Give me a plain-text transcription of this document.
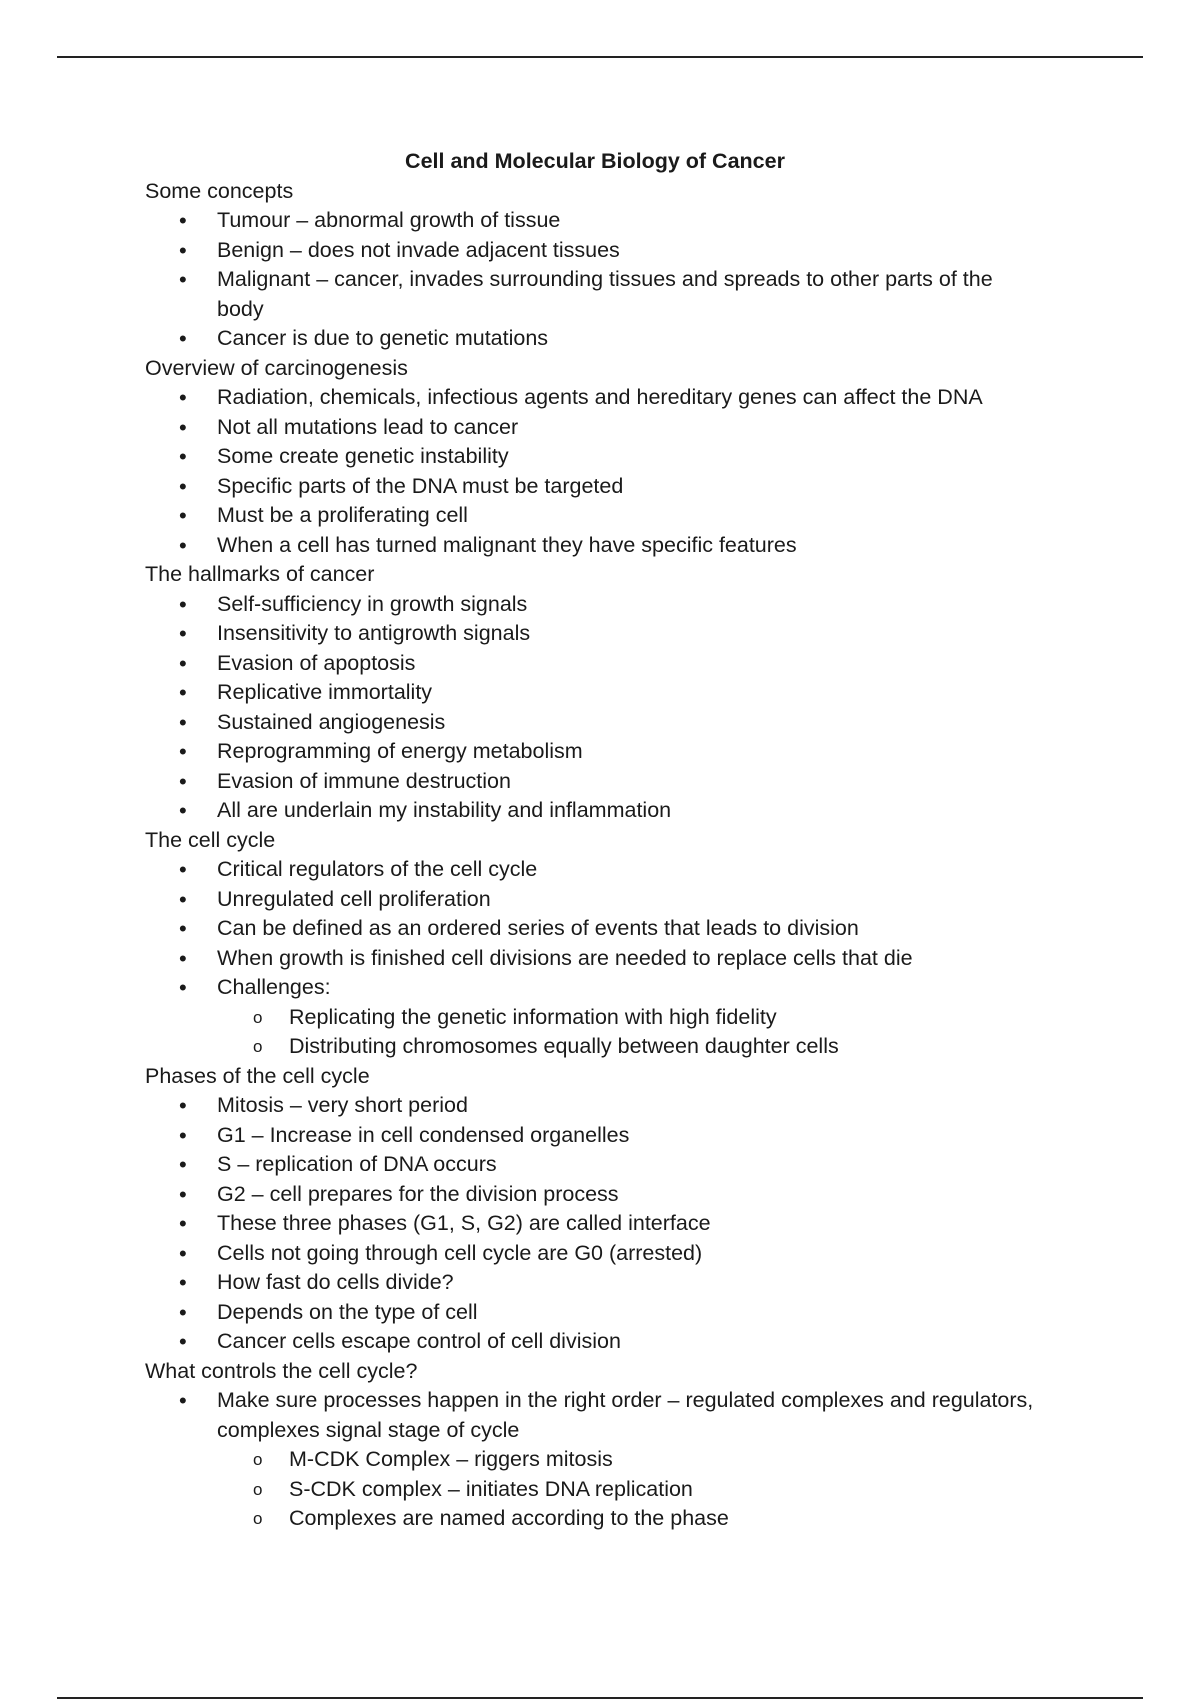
Cell and Molecular Biology of Cancer
Some concepts
• Tumour – abnormal growth of tissue
• Benign – does not invade adjacent tissues
• Malignant – cancer, invades surrounding tissues and spreads to other parts of the body
• Cancer is due to genetic mutations
Overview of carcinogenesis
• Radiation, chemicals, infectious agents and hereditary genes can affect the DNA
• Not all mutations lead to cancer
• Some create genetic instability
• Specific parts of the DNA must be targeted
• Must be a proliferating cell
• When a cell has turned malignant they have specific features
The hallmarks of cancer
• Self-sufficiency in growth signals
• Insensitivity to antigrowth signals
• Evasion of apoptosis
• Replicative immortality
• Sustained angiogenesis
• Reprogramming of energy metabolism
• Evasion of immune destruction
• All are underlain my instability and inflammation
The cell cycle
• Critical regulators of the cell cycle
• Unregulated cell proliferation
• Can be defined as an ordered series of events that leads to division
• When growth is finished cell divisions are needed to replace cells that die
• Challenges:
o Replicating the genetic information with high fidelity
o Distributing chromosomes equally between daughter cells
Phases of the cell cycle
• Mitosis – very short period
• G1 – Increase in cell condensed organelles
• S – replication of DNA occurs
• G2 – cell prepares for the division process
• These three phases (G1, S, G2) are called interface
• Cells not going through cell cycle are G0 (arrested)
• How fast do cells divide?
• Depends on the type of cell
• Cancer cells escape control of cell division
What controls the cell cycle?
• Make sure processes happen in the right order – regulated complexes and regulators, complexes signal stage of cycle
o M-CDK Complex – riggers mitosis
o S-CDK complex – initiates DNA replication
o Complexes are named according to the phase
